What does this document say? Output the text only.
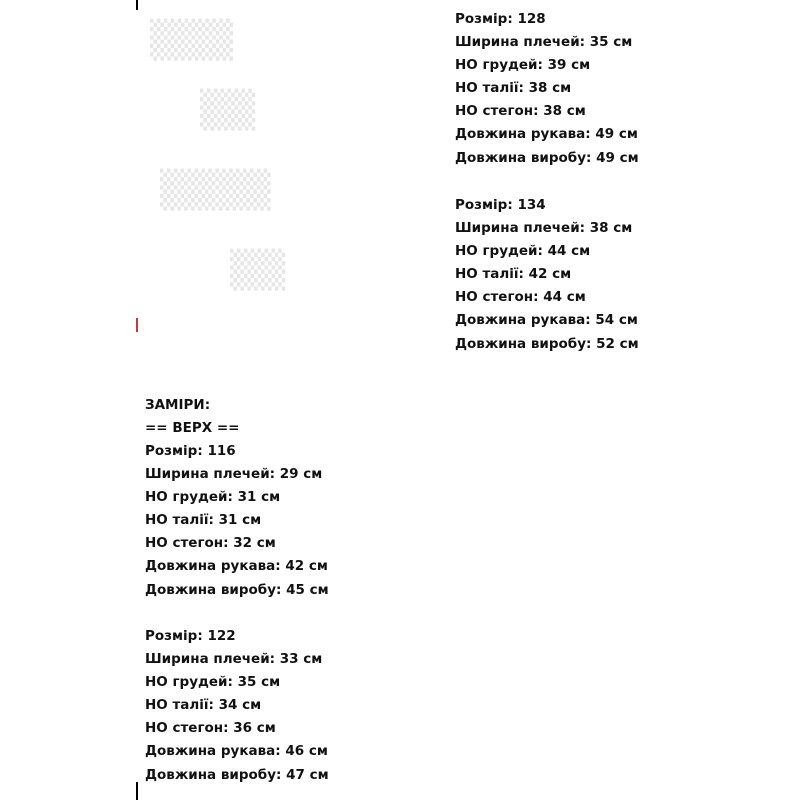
▒▒▒
▒▒
▒▒▒▒
▒▒
ЗАМІРИ:
== ВЕРХ ==
Розмір: 116
Ширина плечей: 29 см
НО грудей: 31 см
НО талії: 31 см
НО стегон: 32 см
Довжина рукава: 42 см
Довжина виробу: 45 см
Розмір: 122
Ширина плечей: 33 см
НО грудей: 35 см
НО талії: 34 см
НО стегон: 36 см
Довжина рукава: 46 см
Довжина виробу: 47 см
Розмір: 128
Ширина плечей: 35 см
НО грудей: 39 см
НО талії: 38 см
НО стегон: 38 см
Довжина рукава: 49 см
Довжина виробу: 49 см
Розмір: 134
Ширина плечей: 38 см
НО грудей: 44 см
НО талії: 42 см
НО стегон: 44 см
Довжина рукава: 54 см
Довжина виробу: 52 см
